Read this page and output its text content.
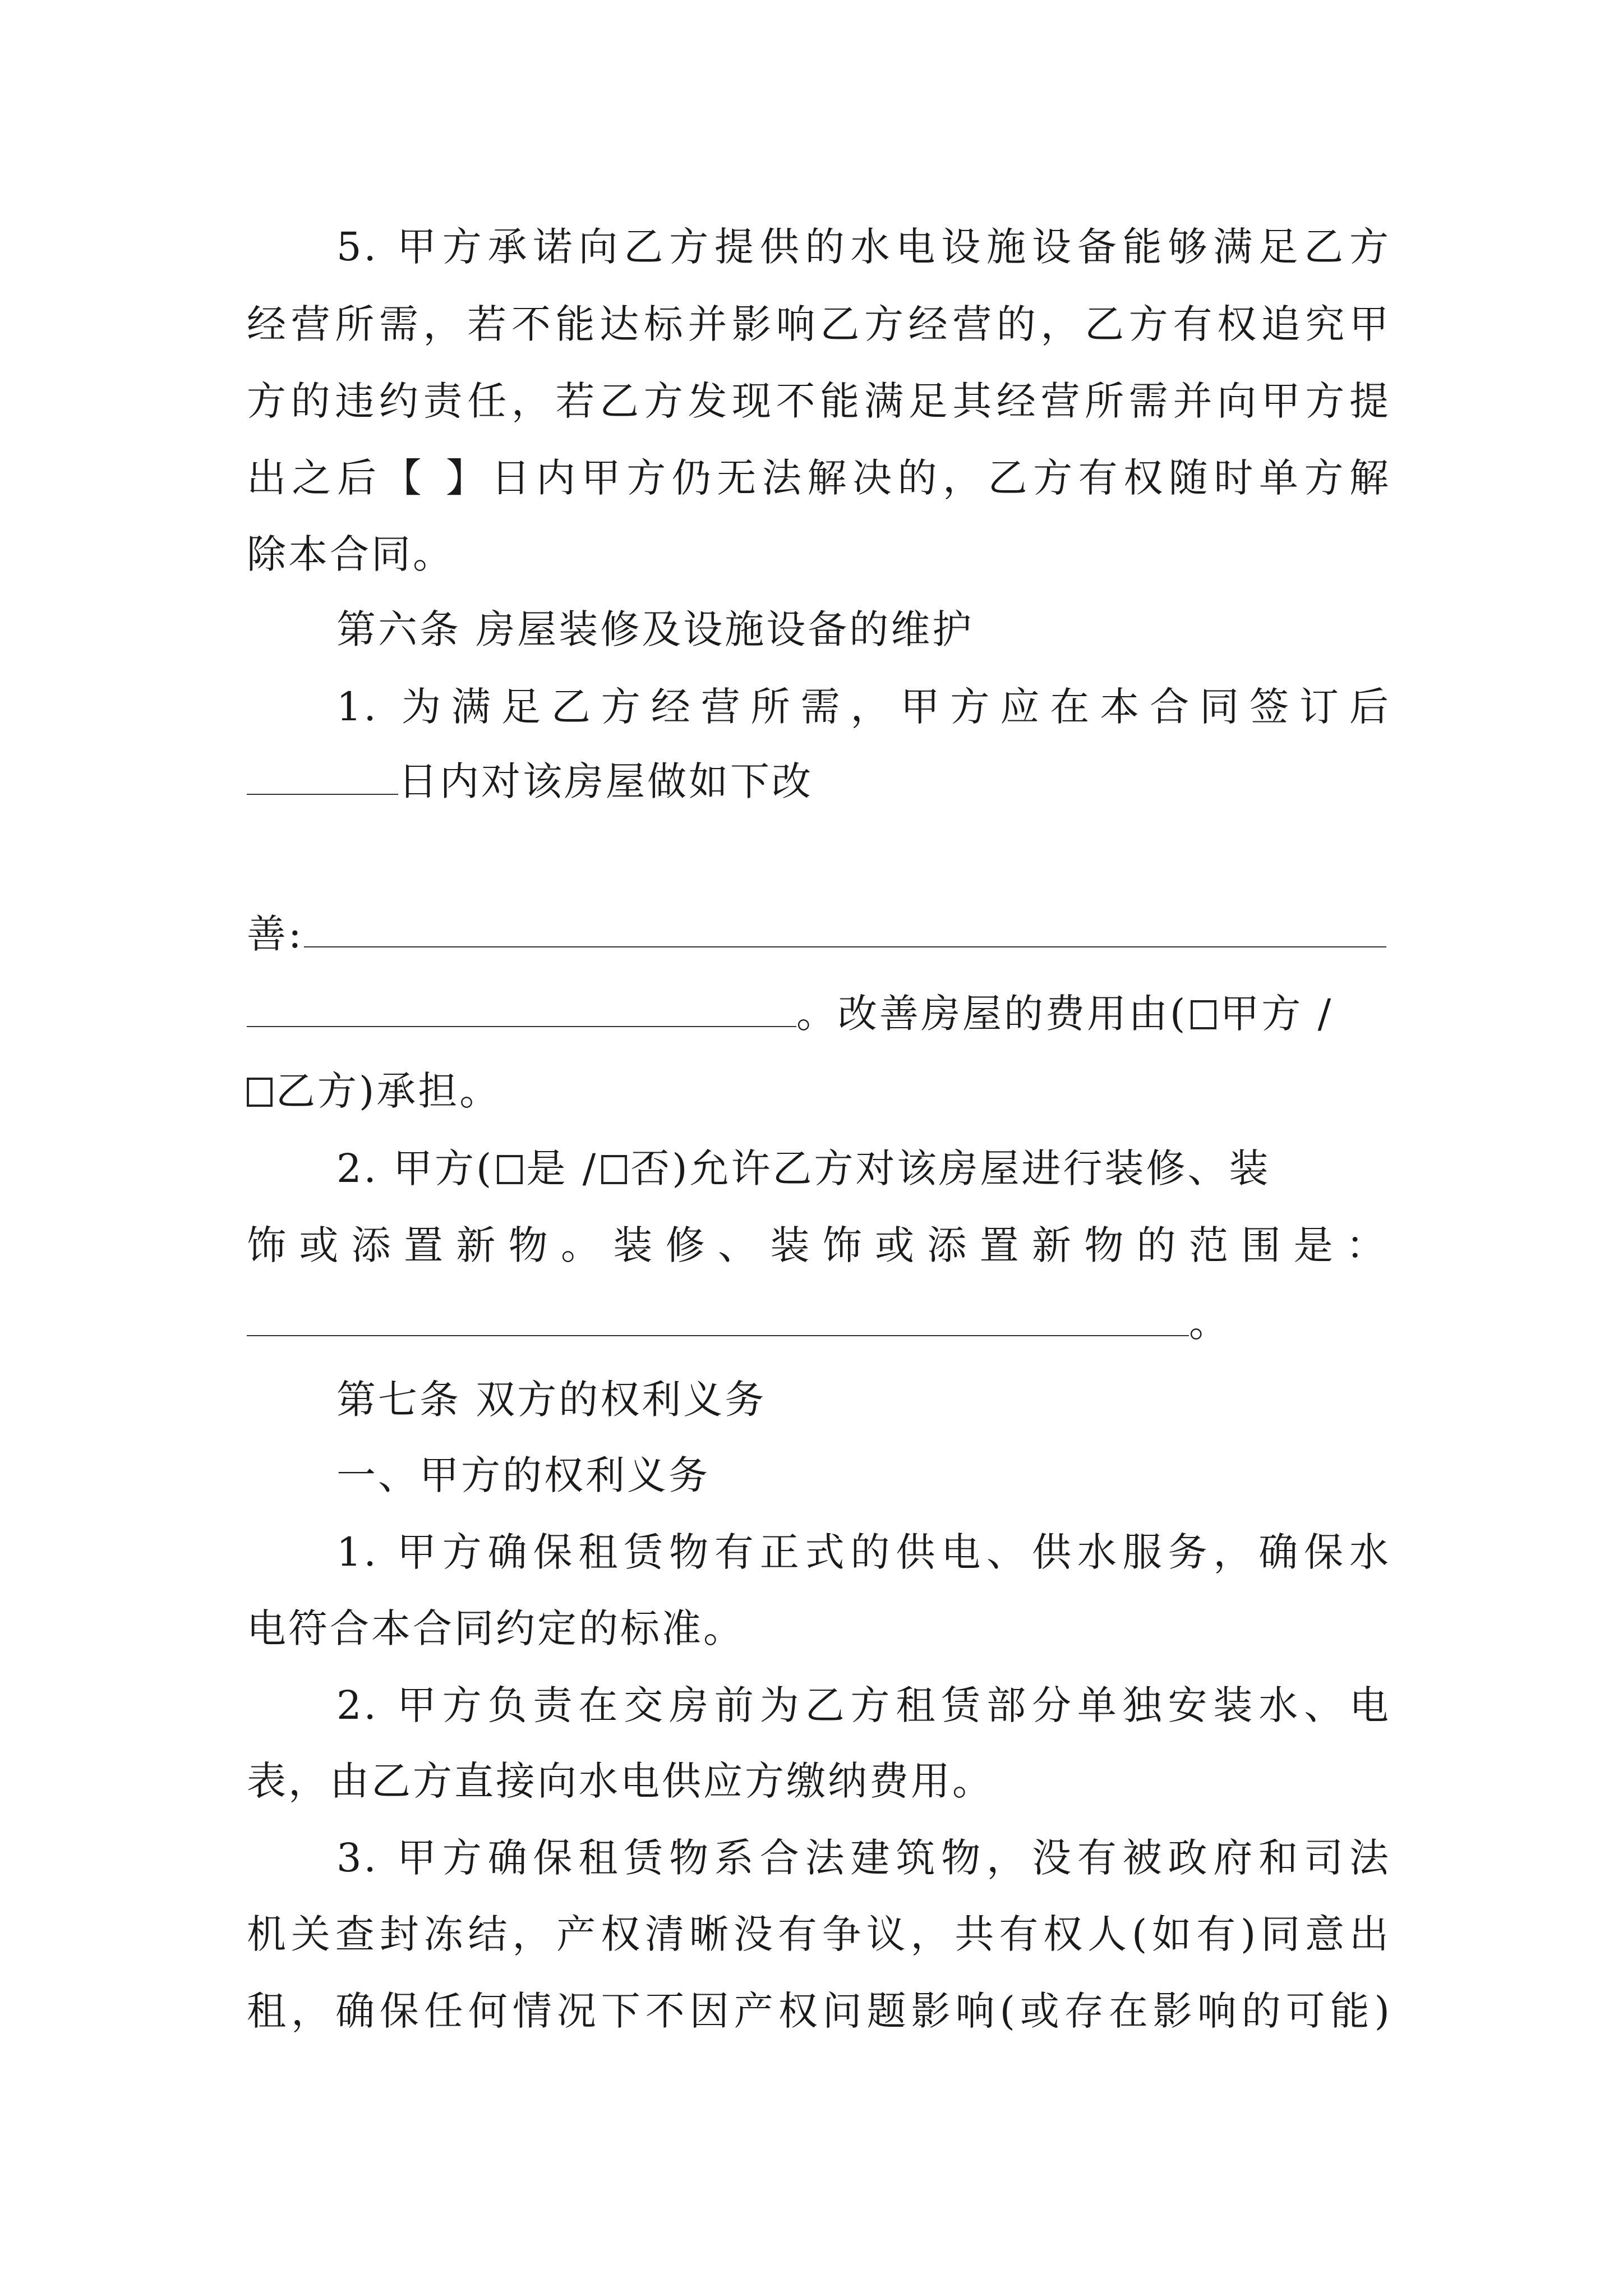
5. 甲方承诺向乙方提供的水电设施设备能够满足乙方
经营所需，若不能达标并影响乙方经营的，乙方有权追究甲
方的违约责任，若乙方发现不能满足其经营所需并向甲方提
出之后【 】日内甲方仍无法解决的，乙方有权随时单方解
除本合同。
第六条 房屋装修及设施设备的维护
1. 为满足乙方经营所需，甲方应在本合同签订后
日内对该房屋做如下改
善:
。改善房屋的费用由( 甲方 /
乙方)承担。
2. 甲方( 是 / 否)允许乙方对该房屋进行装修、装
饰或添置新物。装修、装饰或添置新物的范围是：
。
第七条 双方的权利义务
一、甲方的权利义务
1. 甲方确保租赁物有正式的供电、供水服务，确保水
电符合本合同约定的标准。
2. 甲方负责在交房前为乙方租赁部分单独安装水、电
表，由乙方直接向水电供应方缴纳费用。
3. 甲方确保租赁物系合法建筑物，没有被政府和司法
机关查封冻结，产权清晰没有争议，共有权人(如有)同意出
租，确保任何情况下不因产权问题影响(或存在影响的可能)
